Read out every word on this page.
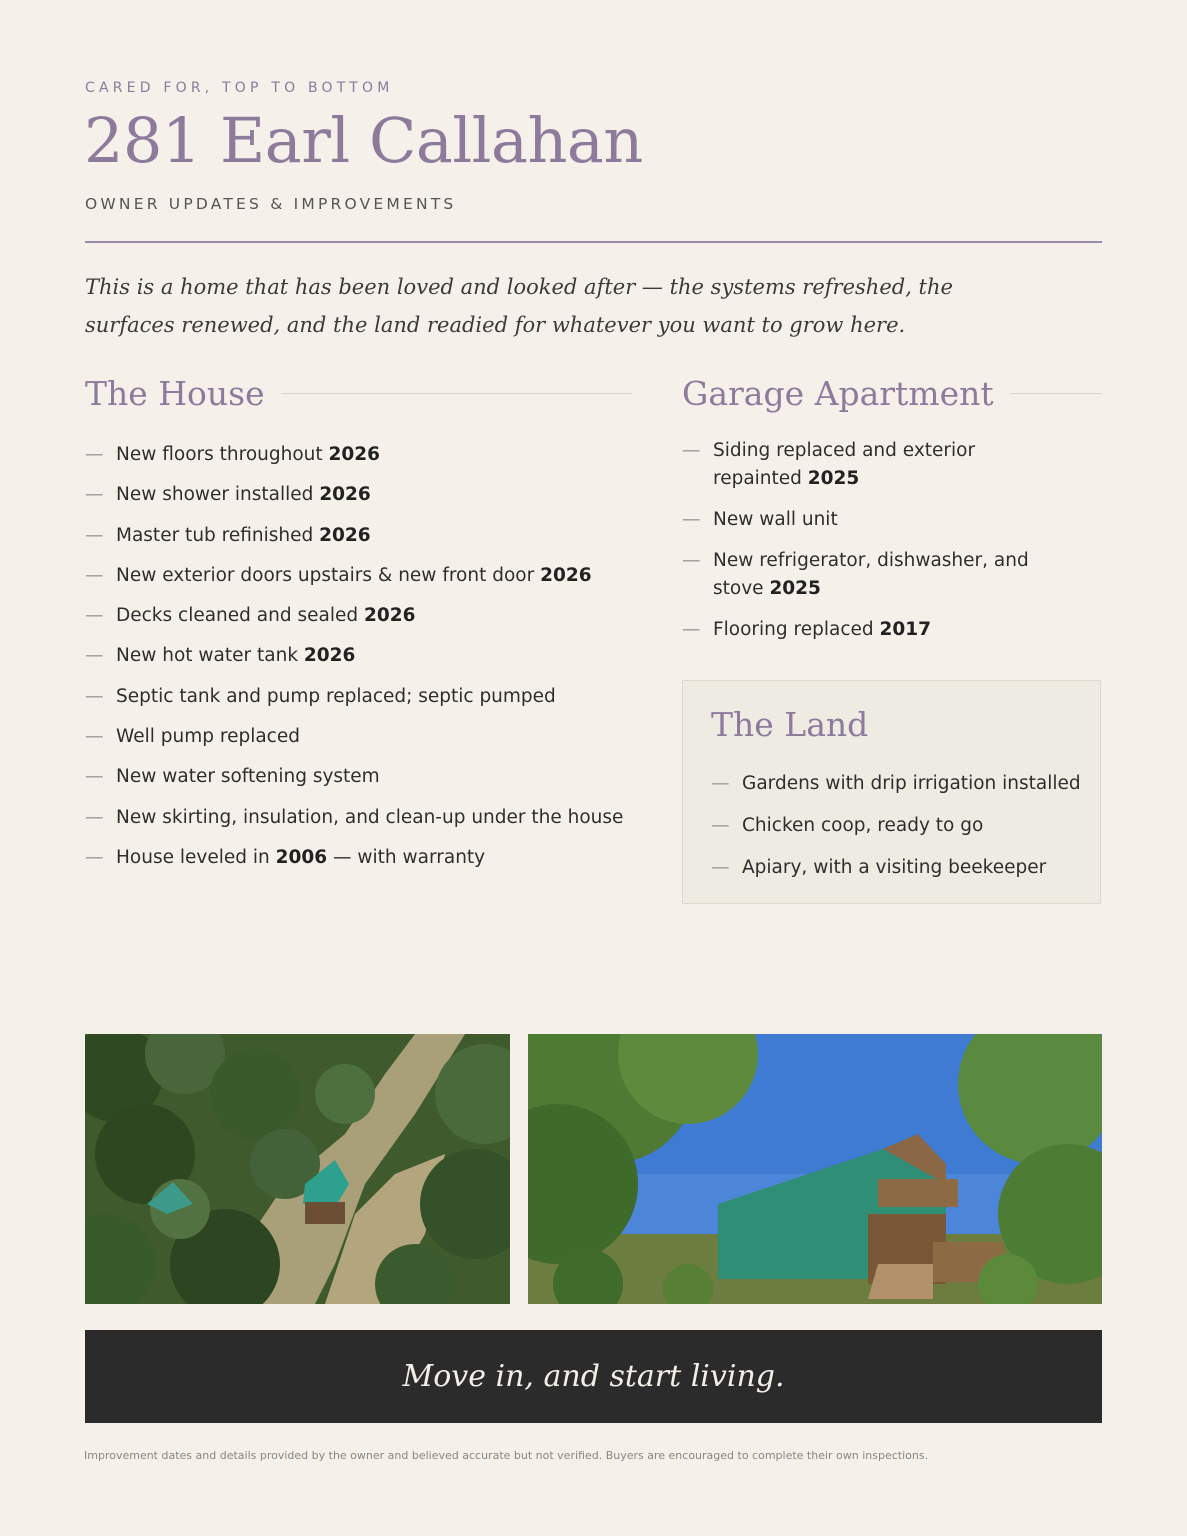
CARED FOR, TOP TO BOTTOM
281 Earl Callahan
OWNER UPDATES & IMPROVEMENTS
This is a home that has been loved and looked after — the systems refreshed, the surfaces renewed, and the land readied for whatever you want to grow here.
The House
— New floors throughout 2026
— New shower installed 2026
— Master tub refinished 2026
— New exterior doors upstairs & new front door 2026
— Decks cleaned and sealed 2026
— New hot water tank 2026
— Septic tank and pump replaced; septic pumped
— Well pump replaced
— New water softening system
— New skirting, insulation, and clean-up under the house
— House leveled in 2006 — with warranty
Garage Apartment
— Siding replaced and exterior repainted 2025
— New wall unit
— New refrigerator, dishwasher, and stove 2025
— Flooring replaced 2017
The Land
— Gardens with drip irrigation installed
— Chicken coop, ready to go
— Apiary, with a visiting beekeeper
Move in, and start living.
Improvement dates and details provided by the owner and believed accurate but not verified. Buyers are encouraged to complete their own inspections.
